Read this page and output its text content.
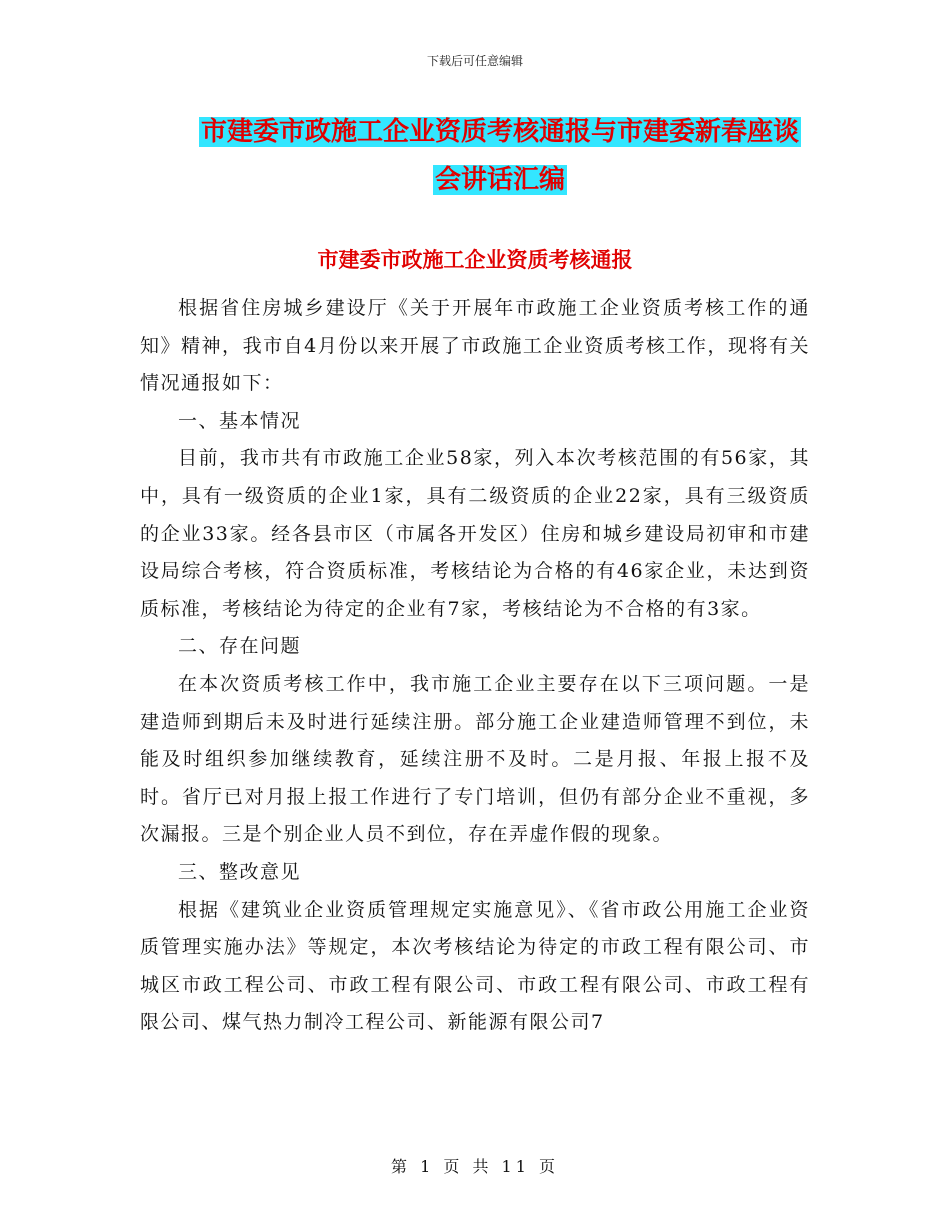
下载后可任意编辑
市建委市政施工企业资质考核通报与市建委新春座谈
会讲话汇编
市建委市政施工企业资质考核通报

根据省住房城乡建设厅《关于开展年市政施工企业资质考核工作的通知》精神，我市自4月份以来开展了市政施工企业资质考核工作，现将有关情况通报如下：

一、基本情况

目前，我市共有市政施工企业58家，列入本次考核范围的有56家，其中，具有一级资质的企业1家，具有二级资质的企业22家，具有三级资质的企业33家。经各县市区（市属各开发区）住房和城乡建设局初审和市建设局综合考核，符合资质标准，考核结论为合格的有46家企业，未达到资质标准，考核结论为待定的企业有7家，考核结论为不合格的有3家。

二、存在问题

在本次资质考核工作中，我市施工企业主要存在以下三项问题。一是建造师到期后未及时进行延续注册。部分施工企业建造师管理不到位，未能及时组织参加继续教育，延续注册不及时。二是月报、年报上报不及时。省厅已对月报上报工作进行了专门培训，但仍有部分企业不重视，多次漏报。三是个别企业人员不到位，存在弄虚作假的现象。

三、整改意见

根据《建筑业企业资质管理规定实施意见》、《省市政公用施工企业资质管理实施办法》等规定，本次考核结论为待定的市政工程有限公司、市城区市政工程公司、市政工程有限公司、市政工程有限公司、市政工程有限公司、煤气热力制冷工程公司、新能源有限公司7

第 1 页 共 11 页
